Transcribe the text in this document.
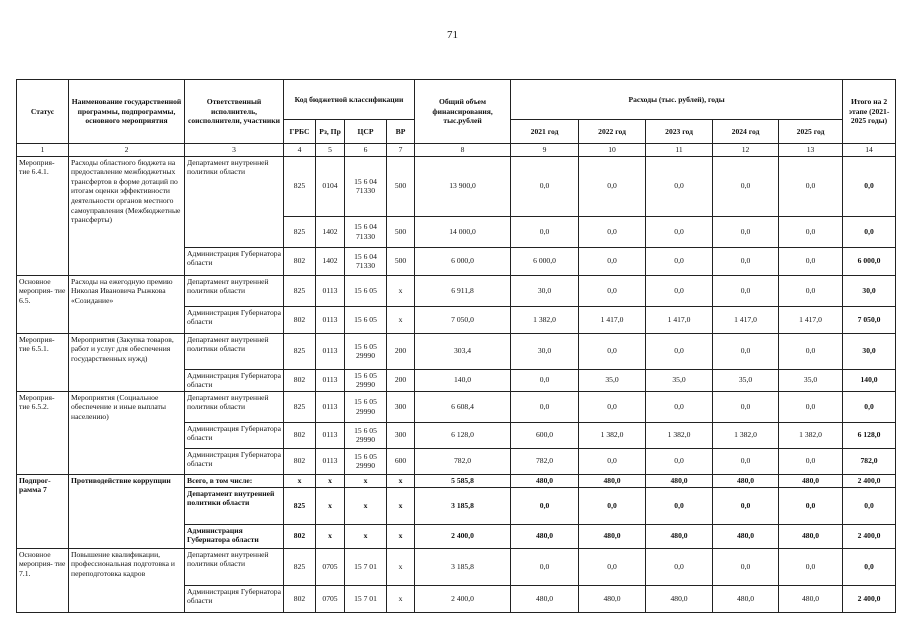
71
Статус	Наименование государственной программы, подпрограммы, основного мероприятия	Ответственный исполнитель, соисполнители, участники	Код бюджетной классификации				Общий объем финансирования, тыс.рублей	Расходы (тыс. рублей), годы					Итого на 2 этапе (2021-2025 годы)
			ГРБС	Рз, Пр	ЦСР	ВР		2021 год	2022 год	2023 год	2024 год	2025 год	
1	2	3	4	5	6	7	8	9	10	11	12	13	14
Мероприя- тие 6.4.1.	Расходы областного бюджета на предоставление межбюджетных трансфертов в форме дотаций по итогам оценки эффективности деятельности органов местного самоуправления (Межбюджетные трансферты)	Департамент внутренней политики области	825	0104	15 6 04 71330	500	13 900,0	0,0	0,0	0,0	0,0	0,0	0,0
			825	1402	15 6 04 71330	500	14 000,0	0,0	0,0	0,0	0,0	0,0	0,0
		Администрация Губернатора области	802	1402	15 6 04 71330	500	6 000,0	6 000,0	0,0	0,0	0,0	0,0	6 000,0
Основное мероприя- тие 6.5.	Расходы на ежегодную премию Николая Ивановича Рыжкова «Созидание»	Департамент внутренней политики области	825	0113	15 6 05	х	6 911,8	30,0	0,0	0,0	0,0	0,0	30,0
		Администрация Губернатора области	802	0113	15 6 05	х	7 050,0	1 382,0	1 417,0	1 417,0	1 417,0	1 417,0	7 050,0
Мероприя- тие 6.5.1.	Мероприятия (Закупка товаров, работ и услуг для обеспечения государственных нужд)	Департамент внутренней политики области	825	0113	15 6 05 29990	200	303,4	30,0	0,0	0,0	0,0	0,0	30,0
		Администрация Губернатора области	802	0113	15 6 05 29990	200	140,0	0,0	35,0	35,0	35,0	35,0	140,0
Мероприя- тие 6.5.2.	Мероприятия (Социальное обеспечение и иные выплаты населению)	Департамент внутренней политики области	825	0113	15 6 05 29990	300	6 608,4	0,0	0,0	0,0	0,0	0,0	0,0
		Администрация Губернатора области	802	0113	15 6 05 29990	300	6 128,0	600,0	1 382,0	1 382,0	1 382,0	1 382,0	6 128,0
		Администрация Губернатора области	802	0113	15 6 05 29990	600	782,0	782,0	0,0	0,0	0,0	0,0	782,0
Подпрог- рамма 7	Противодействие коррупции	Всего, в том числе:	х	х	х	х	5 585,8	480,0	480,0	480,0	480,0	480,0	2 400,0
		Департамент внутренней политики области	825	х	х	х	3 185,8	0,0	0,0	0,0	0,0	0,0	0,0
		Администрация Губернатора области	802	х	х	х	2 400,0	480,0	480,0	480,0	480,0	480,0	2 400,0
Основное мероприя- тие 7.1.	Повышение квалификации, профессиональная подготовка и переподготовка кадров	Департамент внутренней политики области	825	0705	15 7 01	х	3 185,8	0,0	0,0	0,0	0,0	0,0	0,0
		Администрация Губернатора области	802	0705	15 7 01	х	2 400,0	480,0	480,0	480,0	480,0	480,0	2 400,0
